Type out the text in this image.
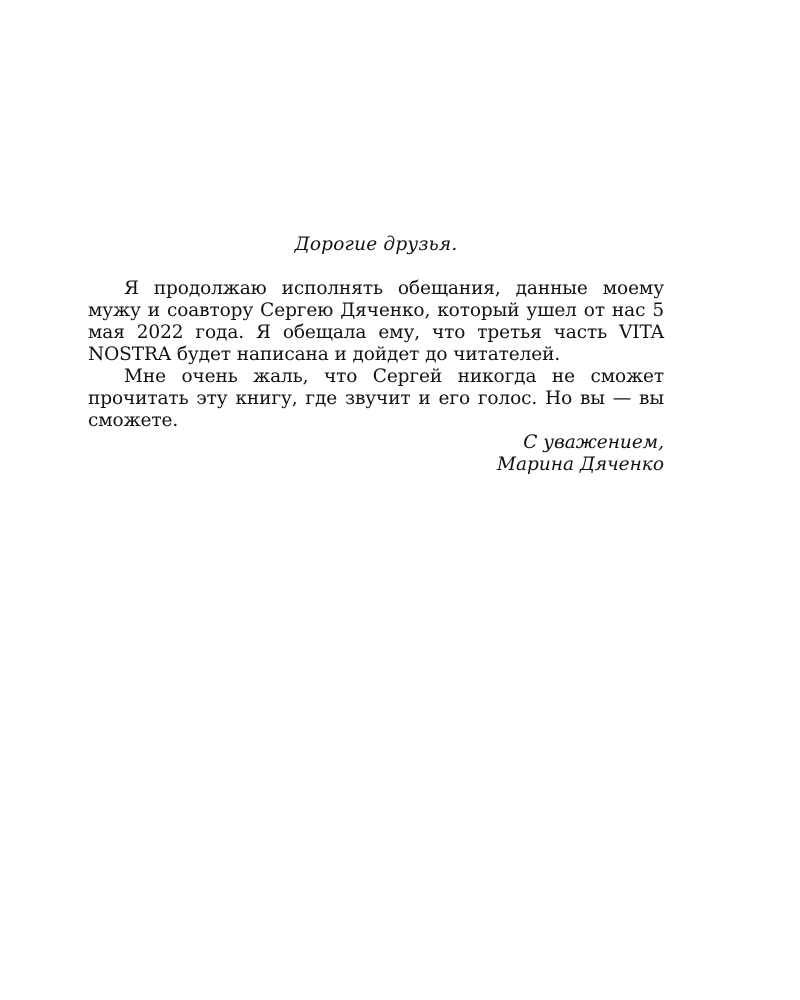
Дорогие друзья.

Я продолжаю исполнять обещания, данные моему мужу и соавтору Сергею Дяченко, который ушел от нас 5 мая 2022 года. Я обещала ему, что третья часть VITA NOSTRA будет написана и дойдет до читателей.

Мне очень жаль, что Сергей никогда не сможет прочитать эту книгу, где звучит и его голос. Но вы — вы сможете.

С уважением,
Марина Дяченко
